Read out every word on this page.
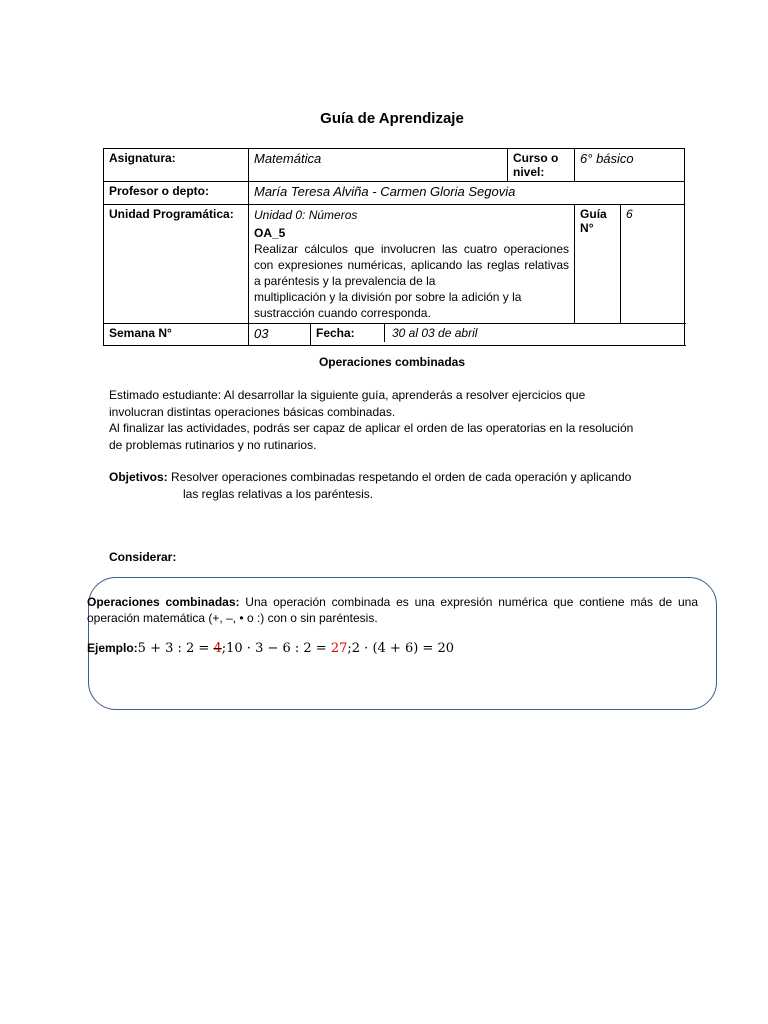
Guía de Aprendizaje
Asignatura:	Matemática		Curso o nivel:	6° básico	
Profesor o depto:	María Teresa Alviña - Carmen Gloria Segovia				
Unidad Programática:	Unidad 0: Números
OA_5
Realizar cálculos que involucren las cuatro operaciones con expresiones numéricas, aplicando las reglas relativas a paréntesis y la prevalencia de la
multiplicación y la división por sobre la adición y la
sustracción cuando corresponda.			Guía N°	6
Semana N°	03	Fecha: 30 al 03 de abril			
Operaciones combinadas
Estimado estudiante: Al desarrollar la siguiente guía, aprenderás a resolver ejercicios que
involucran distintas operaciones básicas combinadas.
Al finalizar las actividades, podrás ser capaz de aplicar el orden de las operatorias en la resolución
de problemas rutinarios y no rutinarios.
Objetivos: Resolver operaciones combinadas respetando el orden de cada operación y aplicando
las reglas relativas a los paréntesis.
Considerar:
Operaciones combinadas: Una operación combinada es una expresión numérica que contiene más de una operación matemática (+, –, • o :) con o sin paréntesis.
Ejemplo:5 + 3 : 2 = 4;10 · 3 − 6 : 2 = 27;2 · (4 + 6) = 20
